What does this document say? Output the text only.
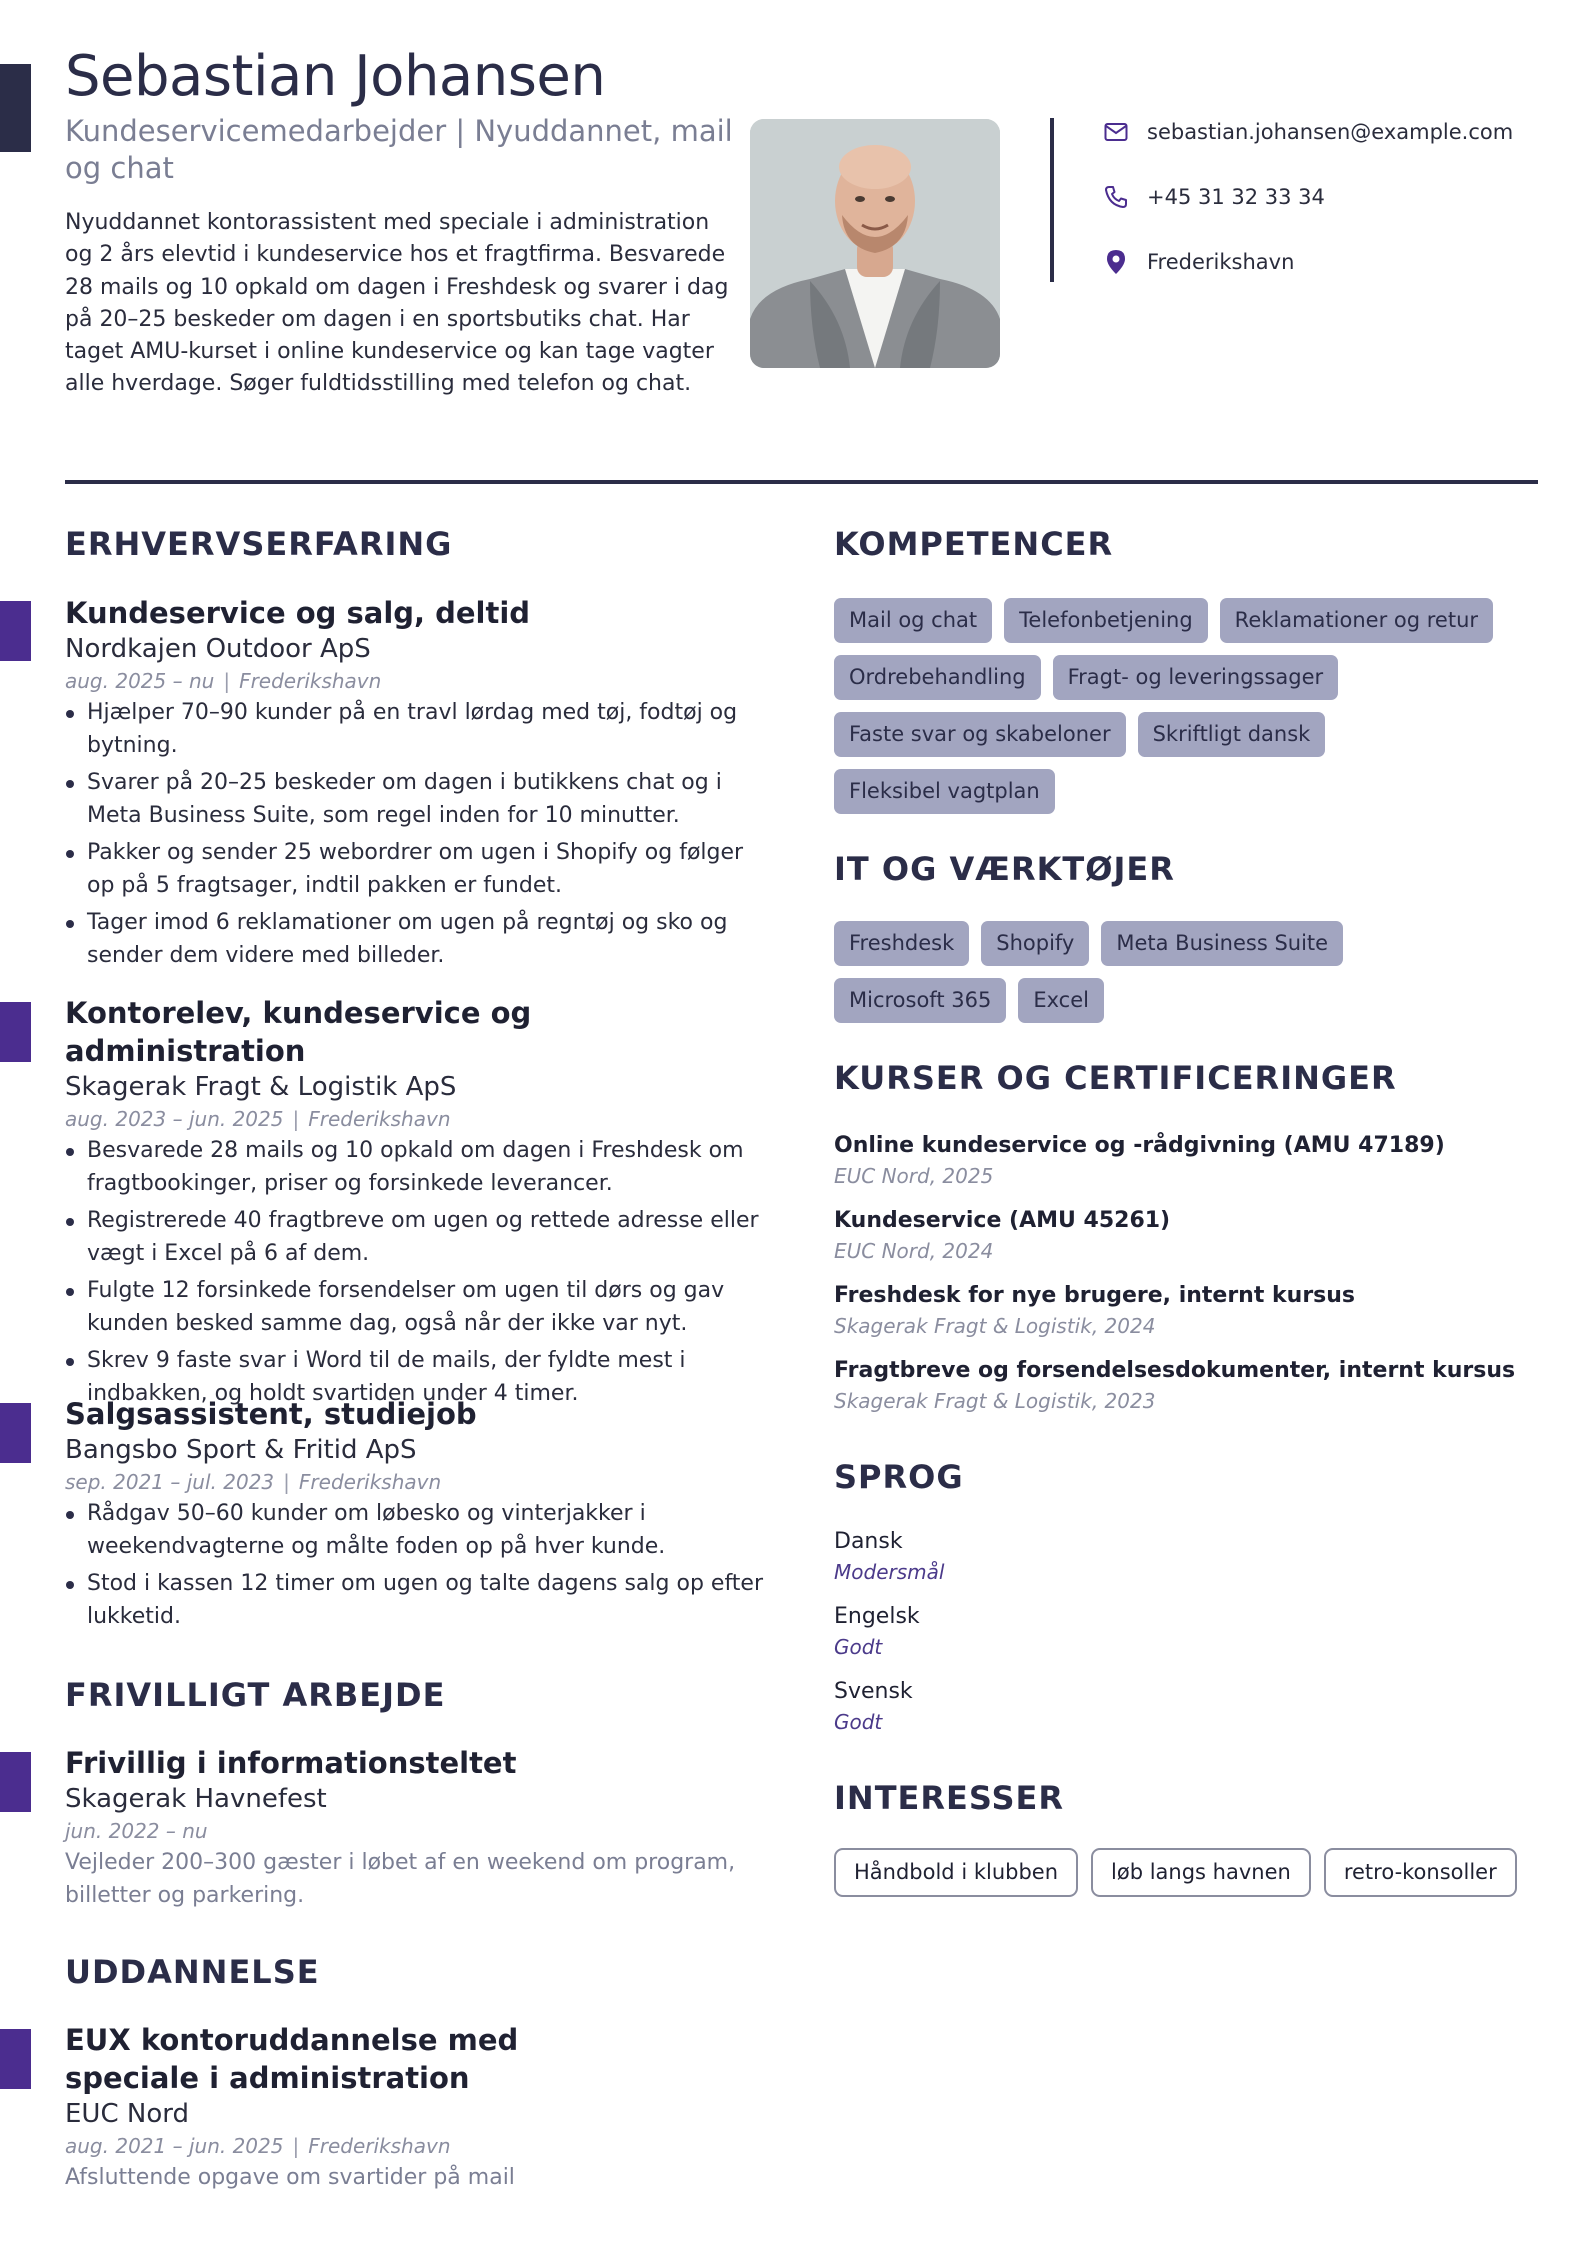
Sebastian Johansen
Kundeservicemedarbejder | Nyuddannet, mail og chat
Nyuddannet kontorassistent med speciale i administration og 2 års elevtid i kundeservice hos et fragtfirma. Besvarede 28 mails og 10 opkald om dagen i Freshdesk og svarer i dag på 20–25 beskeder om dagen i en sportsbutiks chat. Har taget AMU-kurset i online kundeservice og kan tage vagter alle hverdage. Søger fuldtidsstilling med telefon og chat.
sebastian.johansen@example.com
+45 31 32 33 34
Frederikshavn
ERHVERVSERFARING
Kundeservice og salg, deltid
Nordkajen Outdoor ApS
aug. 2025 – nu | Frederikshavn
Hjælper 70–90 kunder på en travl lørdag med tøj, fodtøj og bytning.
Svarer på 20–25 beskeder om dagen i butikkens chat og i Meta Business Suite, som regel inden for 10 minutter.
Pakker og sender 25 webordrer om ugen i Shopify og følger op på 5 fragtsager, indtil pakken er fundet.
Tager imod 6 reklamationer om ugen på regntøj og sko og sender dem videre med billeder.
Kontorelev, kundeservice og administration
Skagerak Fragt & Logistik ApS
aug. 2023 – jun. 2025 | Frederikshavn
Besvarede 28 mails og 10 opkald om dagen i Freshdesk om fragtbookinger, priser og forsinkede leverancer.
Registrerede 40 fragtbreve om ugen og rettede adresse eller vægt i Excel på 6 af dem.
Fulgte 12 forsinkede forsendelser om ugen til dørs og gav kunden besked samme dag, også når der ikke var nyt.
Skrev 9 faste svar i Word til de mails, der fyldte mest i indbakken, og holdt svartiden under 4 timer.
Salgsassistent, studiejob
Bangsbo Sport & Fritid ApS
sep. 2021 – jul. 2023 | Frederikshavn
Rådgav 50–60 kunder om løbesko og vinterjakker i weekendvagterne og målte foden op på hver kunde.
Stod i kassen 12 timer om ugen og talte dagens salg op efter lukketid.
FRIVILLIGT ARBEJDE
Frivillig i informationsteltet
Skagerak Havnefest
jun. 2022 – nu
Vejleder 200–300 gæster i løbet af en weekend om program, billetter og parkering.
UDDANNELSE
EUX kontoruddannelse med speciale i administration
EUC Nord
aug. 2021 – jun. 2025 | Frederikshavn
Afsluttende opgave om svartider på mail
KOMPETENCER
Mail og chat	Telefonbetjening	Reklamationer og retur
Ordrebehandling	Fragt- og leveringssager
Faste svar og skabeloner	Skriftligt dansk
Fleksibel vagtplan
IT OG VÆRKTØJER
Freshdesk	Shopify	Meta Business Suite
Microsoft 365	Excel
KURSER OG CERTIFICERINGER
Online kundeservice og -rådgivning (AMU 47189)
EUC Nord, 2025
Kundeservice (AMU 45261)
EUC Nord, 2024
Freshdesk for nye brugere, internt kursus
Skagerak Fragt & Logistik, 2024
Fragtbreve og forsendelsesdokumenter, internt kursus
Skagerak Fragt & Logistik, 2023
SPROG
Dansk
Modersmål
Engelsk
Godt
Svensk
Godt
INTERESSER
Håndbold i klubben	løb langs havnen	retro-konsoller
